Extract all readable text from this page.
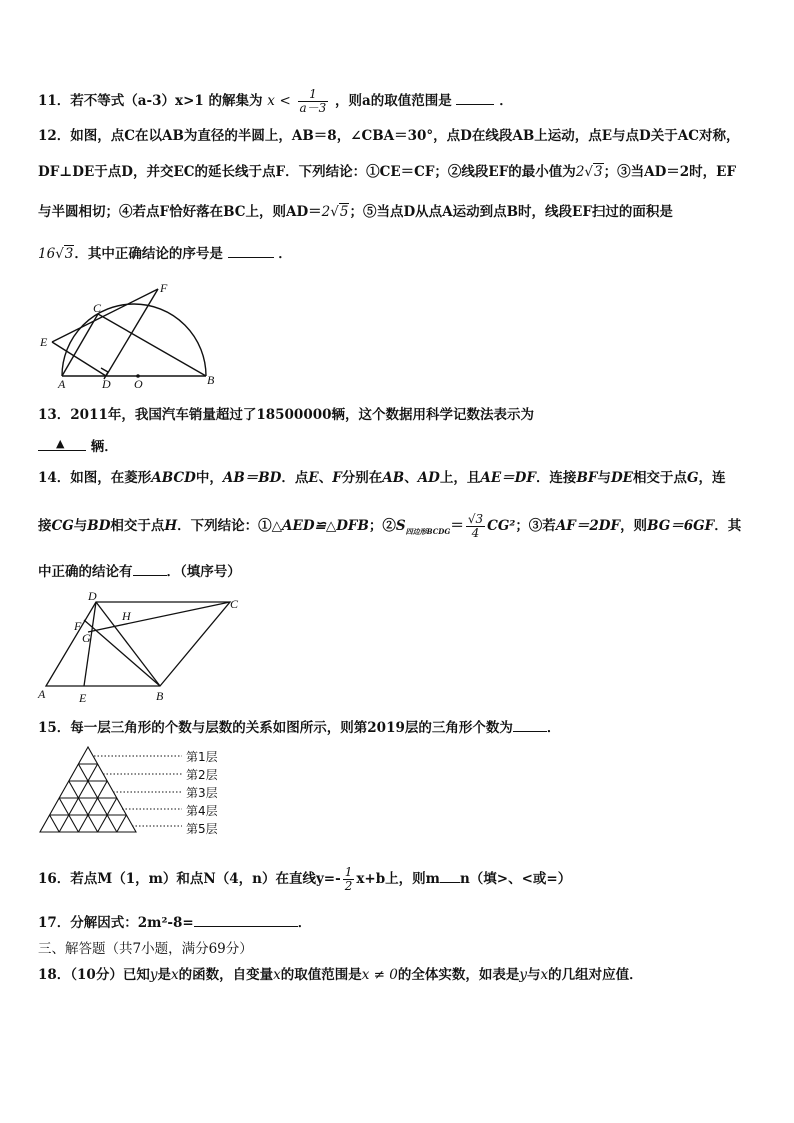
11．若不等式（a-3）x>1 的解集为 $x < \frac{1}{a-3}$ ，则a的取值范围是	．
12．如图，点C在以AB为直径的半圆上，AB＝8，∠CBA＝30°，点D在线段AB上运动，点E与点D关于AC对称，
DF⊥DE于点D，并交EC的延长线于点F．下列结论：①CE＝CF；②线段EF的最小值为2√3；③当AD＝2时，EF
与半圆相切；④若点F恰好落在BC上，则AD＝2√5；⑤当点D从点A运动到点B时，线段EF扫过的面积是
16√3．其中正确结论的序号是	．
F
C
E
A	D O	B
13．2011年，我国汽车销量超过了18500000辆，这个数据用科学记数法表示为
▲ 辆．
14．如图，在菱形ABCD中，AB＝BD．点E、F分别在AB、AD上，且AE＝DF．连接BF与DE相交于点G，连
接CG与BD相交于点H．下列结论：①△AED≌△DFB；$②S_{四边形BCDG}= \frac{√3}{4} CG^2$；③若AF＝2DF，则BG＝6GF．其
中正确的结论有	．（填序号）
D
C
F
H
G
A	E	B
15．每一层三角形的个数与层数的关系如图所示，则第2019层的三角形个数为	．
第1层
第2层
第3层
第4层
第5层
16．若点M（1，m）和点N（4，n）在直线$y=- \frac{1}{2} x+b$上，则m n（填>、<或=）
17．分解因式：2m²-8=	．
三、解答题（共7小题，满分69分）
18．（10分）已知y是x的函数，自变量x的取值范围是x ≠ 0的全体实数，如表是y与x的几组对应值．
